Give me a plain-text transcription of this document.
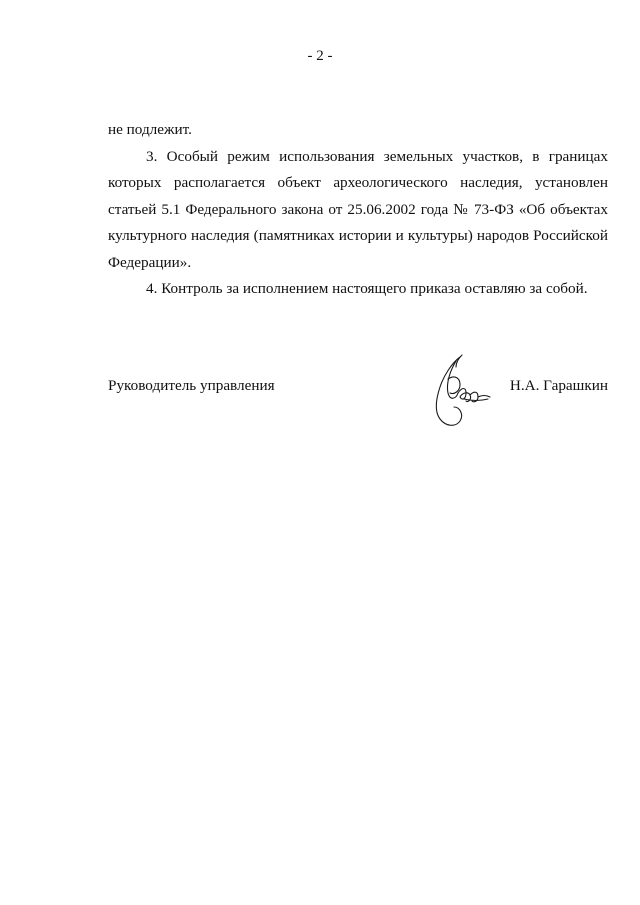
- 2 -

не подлежит.

3. Особый режим использования земельных участков, в границах которых располагается объект археологического наследия, установлен статьей 5.1 Федерального закона от 25.06.2002 года № 73-ФЗ «Об объектах культурного наследия (памятниках истории и культуры) народов Российской Федерации».

4. Контроль за исполнением настоящего приказа оставляю за собой.

Руководитель управления	Н.А. Гарашкин
